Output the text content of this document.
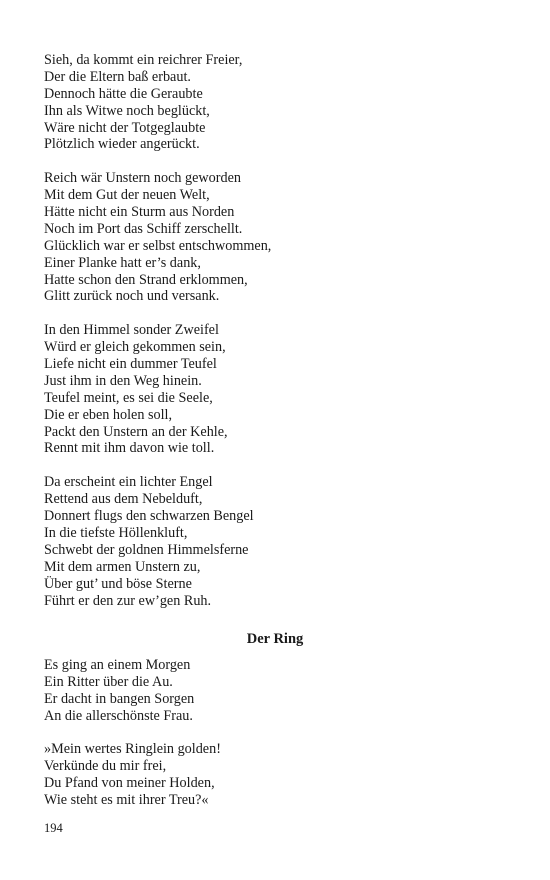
Sieh, da kommt ein reichrer Freier,
Der die Eltern baß erbaut.
Dennoch hätte die Geraubte
Ihn als Witwe noch beglückt,
Wäre nicht der Totgeglaubte
Plötzlich wieder angerückt.
Reich wär Unstern noch geworden
Mit dem Gut der neuen Welt,
Hätte nicht ein Sturm aus Norden
Noch im Port das Schiff zerschellt.
Glücklich war er selbst entschwommen,
Einer Planke hatt er’s dank,
Hatte schon den Strand erklommen,
Glitt zurück noch und versank.
In den Himmel sonder Zweifel
Würd er gleich gekommen sein,
Liefe nicht ein dummer Teufel
Just ihm in den Weg hinein.
Teufel meint, es sei die Seele,
Die er eben holen soll,
Packt den Unstern an der Kehle,
Rennt mit ihm davon wie toll.
Da erscheint ein lichter Engel
Rettend aus dem Nebelduft,
Donnert flugs den schwarzen Bengel
In die tiefste Höllenkluft,
Schwebt der goldnen Himmelsferne
Mit dem armen Unstern zu,
Über gut’ und böse Sterne
Führt er den zur ew’gen Ruh.
Der Ring
Es ging an einem Morgen
Ein Ritter über die Au.
Er dacht in bangen Sorgen
An die allerschönste Frau.
»Mein wertes Ringlein golden!
Verkünde du mir frei,
Du Pfand von meiner Holden,
Wie steht es mit ihrer Treu?«
194
